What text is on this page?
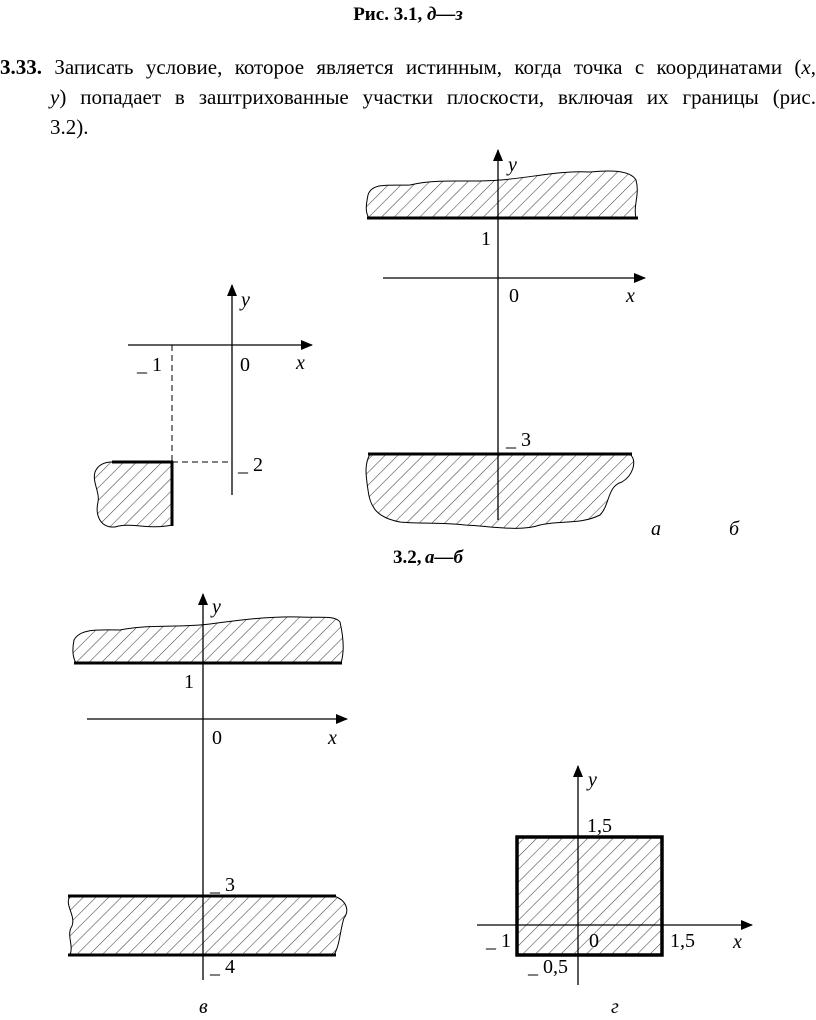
Рис. 3.1, д—з
3.33. Записать условие, которое является истинным, когда точка с координатами (x,
y) попадает в заштрихованные участки плоскости, включая их границы (рис.
3.2).
y
x
0
_ 1
_ 2
y
x
0
1
_ 3
а	б
3.2, а—б
y
x
0
1
_ 3
_ 4
в
y
x
0
1,5
_ 1	1,5
_ 0,5
г
